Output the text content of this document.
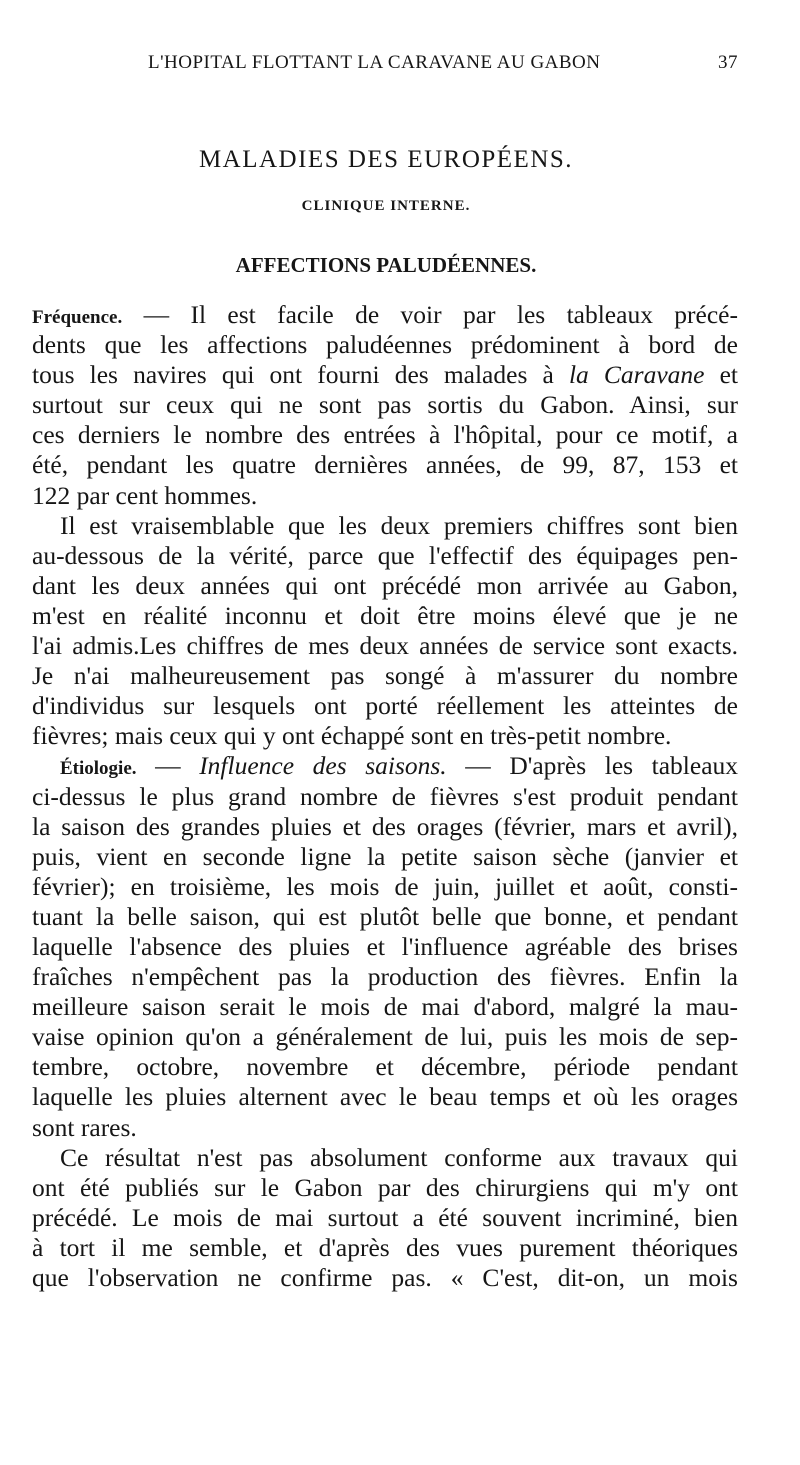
L'HOPITAL FLOTTANT LA CARAVANE AU GABON	37
MALADIES DES EUROPÉENS.
CLINIQUE INTERNE.
AFFECTIONS PALUDÉENNES.
Fréquence. — Il est facile de voir par les tableaux précé-
dents que les affections paludéennes prédominent à bord de
tous les navires qui ont fourni des malades à la Caravane et
surtout sur ceux qui ne sont pas sortis du Gabon. Ainsi, sur
ces derniers le nombre des entrées à l'hôpital, pour ce motif, a
été, pendant les quatre dernières années, de 99, 87, 153 et
122 par cent hommes.
Il est vraisemblable que les deux premiers chiffres sont bien
au-dessous de la vérité, parce que l'effectif des équipages pen-
dant les deux années qui ont précédé mon arrivée au Gabon,
m'est en réalité inconnu et doit être moins élevé que je ne
l'ai admis.Les chiffres de mes deux années de service sont exacts.
Je n'ai malheureusement pas songé à m'assurer du nombre
d'individus sur lesquels ont porté réellement les atteintes de
fièvres; mais ceux qui y ont échappé sont en très-petit nombre.
Étiologie. — Influence des saisons. — D'après les tableaux
ci-dessus le plus grand nombre de fièvres s'est produit pendant
la saison des grandes pluies et des orages (février, mars et avril),
puis, vient en seconde ligne la petite saison sèche (janvier et
février); en troisième, les mois de juin, juillet et août, consti-
tuant la belle saison, qui est plutôt belle que bonne, et pendant
laquelle l'absence des pluies et l'influence agréable des brises
fraîches n'empêchent pas la production des fièvres. Enfin la
meilleure saison serait le mois de mai d'abord, malgré la mau-
vaise opinion qu'on a généralement de lui, puis les mois de sep-
tembre, octobre, novembre et décembre, période pendant
laquelle les pluies alternent avec le beau temps et où les orages
sont rares.
Ce résultat n'est pas absolument conforme aux travaux qui
ont été publiés sur le Gabon par des chirurgiens qui m'y ont
précédé. Le mois de mai surtout a été souvent incriminé, bien
à tort il me semble, et d'après des vues purement théoriques
que l'observation ne confirme pas. « C'est, dit-on, un mois
